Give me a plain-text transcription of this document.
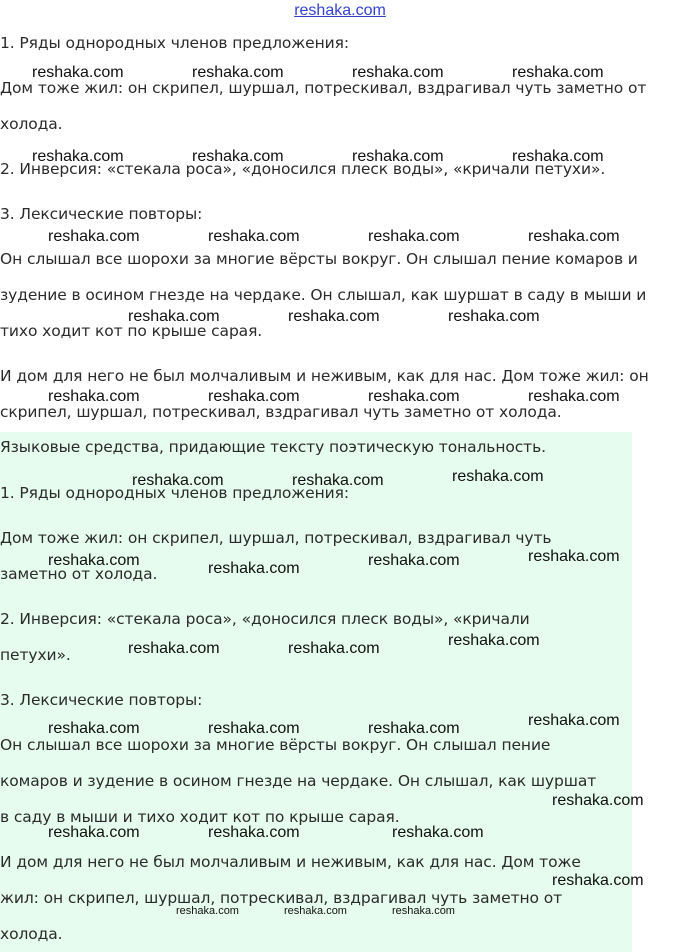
reshaka.com
1. Ряды однородных членов предложения:
Дом тоже жил: он скрипел, шуршал, потрескивал, вздрагивал чуть заметно от
холода.
2. Инверсия: «стекала роса», «доносился плеск воды», «кричали петухи».
3. Лексические повторы:
Он слышал все шорохи за многие вёрсты вокруг. Он слышал пение комаров и
зудение в осином гнезде на чердаке. Он слышал, как шуршат в саду в мыши и
тихо ходит кот по крыше сарая.
И дом для него не был молчаливым и неживым, как для нас. Дом тоже жил: он
скрипел, шуршал, потрескивал, вздрагивал чуть заметно от холода.
Языковые средства, придающие тексту поэтическую тональность.
1. Ряды однородных членов предложения:
Дом тоже жил: он скрипел, шуршал, потрескивал, вздрагивал чуть
заметно от холода.
2. Инверсия: «стекала роса», «доносился плеск воды», «кричали
петухи».
3. Лексические повторы:
Он слышал все шорохи за многие вёрсты вокруг. Он слышал пение
комаров и зудение в осином гнезде на чердаке. Он слышал, как шуршат
в саду в мыши и тихо ходит кот по крыше сарая.
И дом для него не был молчаливым и неживым, как для нас. Дом тоже
жил: он скрипел, шуршал, потрескивал, вздрагивал чуть заметно от
холода.
reshaka.com	reshaka.com	reshaka.com	reshaka.com
reshaka.com	reshaka.com	reshaka.com	reshaka.com
reshaka.com	reshaka.com	reshaka.com	reshaka.com
reshaka.com	reshaka.com	reshaka.com
reshaka.com	reshaka.com	reshaka.com	reshaka.com
reshaka.com	reshaka.com	reshaka.com
reshaka.com	reshaka.com	reshaka.com	reshaka.com
reshaka.com	reshaka.com	reshaka.com
reshaka.com	reshaka.com	reshaka.com	reshaka.com
reshaka.com
reshaka.com	reshaka.com	reshaka.com
reshaka.com
reshaka.com	reshaka.com	reshaka.com
